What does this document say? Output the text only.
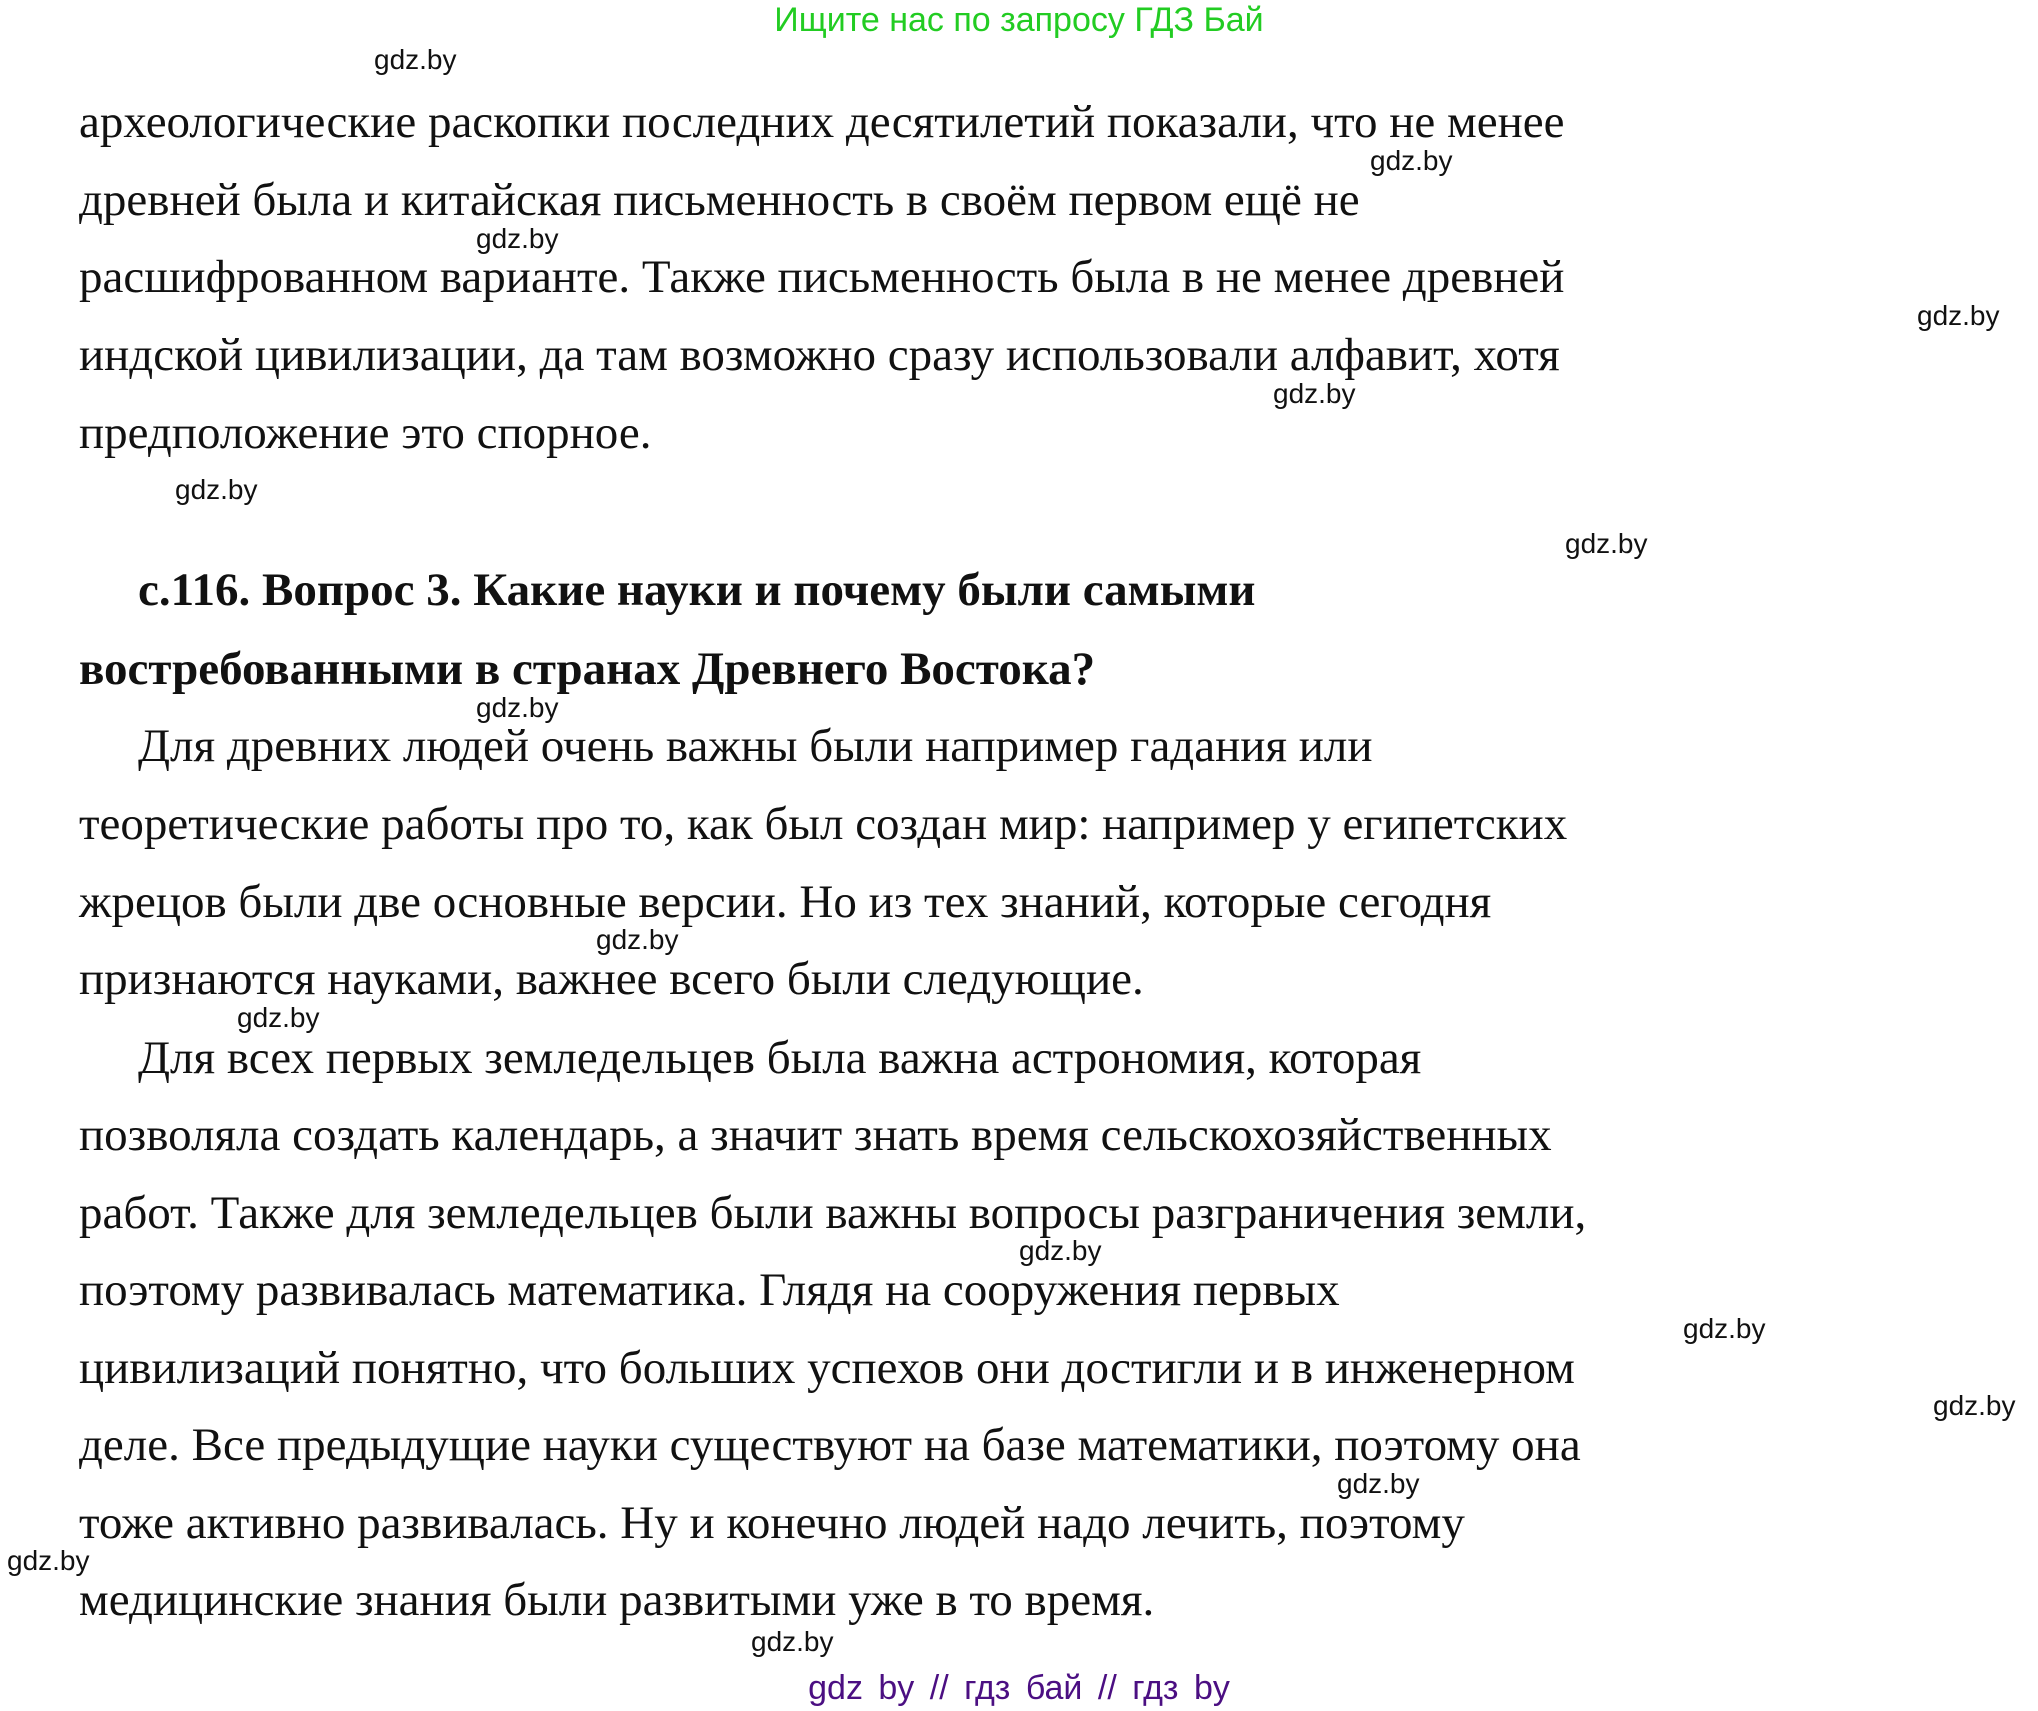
Ищите нас по запросу ГДЗ Бай
археологические раскопки последних десятилетий показали, что не менее
древней была и китайская письменность в своём первом ещё не
расшифрованном варианте. Также письменность была в не менее древней
индской цивилизации, да там возможно сразу использовали алфавит, хотя
предположение это спорное.
с.116. Вопрос 3. Какие науки и почему были самыми
востребованными в странах Древнего Востока?
Для древних людей очень важны были например гадания или
теоретические работы про то, как был создан мир: например у египетских
жрецов были две основные версии. Но из тех знаний, которые сегодня
признаются науками, важнее всего были следующие.
Для всех первых земледельцев была важна астрономия, которая
позволяла создать календарь, а значит знать время сельскохозяйственных
работ. Также для земледельцев были важны вопросы разграничения земли,
поэтому развивалась математика. Глядя на сооружения первых
цивилизаций понятно, что больших успехов они достигли и в инженерном
деле. Все предыдущие науки существуют на базе математики, поэтому она
тоже активно развивалась. Ну и конечно людей надо лечить, поэтому
медицинские знания были развитыми уже в то время.
gdz.by
gdz.by
gdz.by
gdz.by
gdz.by
gdz.by
gdz.by
gdz.by
gdz.by
gdz.by
gdz.by
gdz.by
gdz.by
gdz.by
gdz.by
gdz.by
gdz by // гдз бай // гдз by
